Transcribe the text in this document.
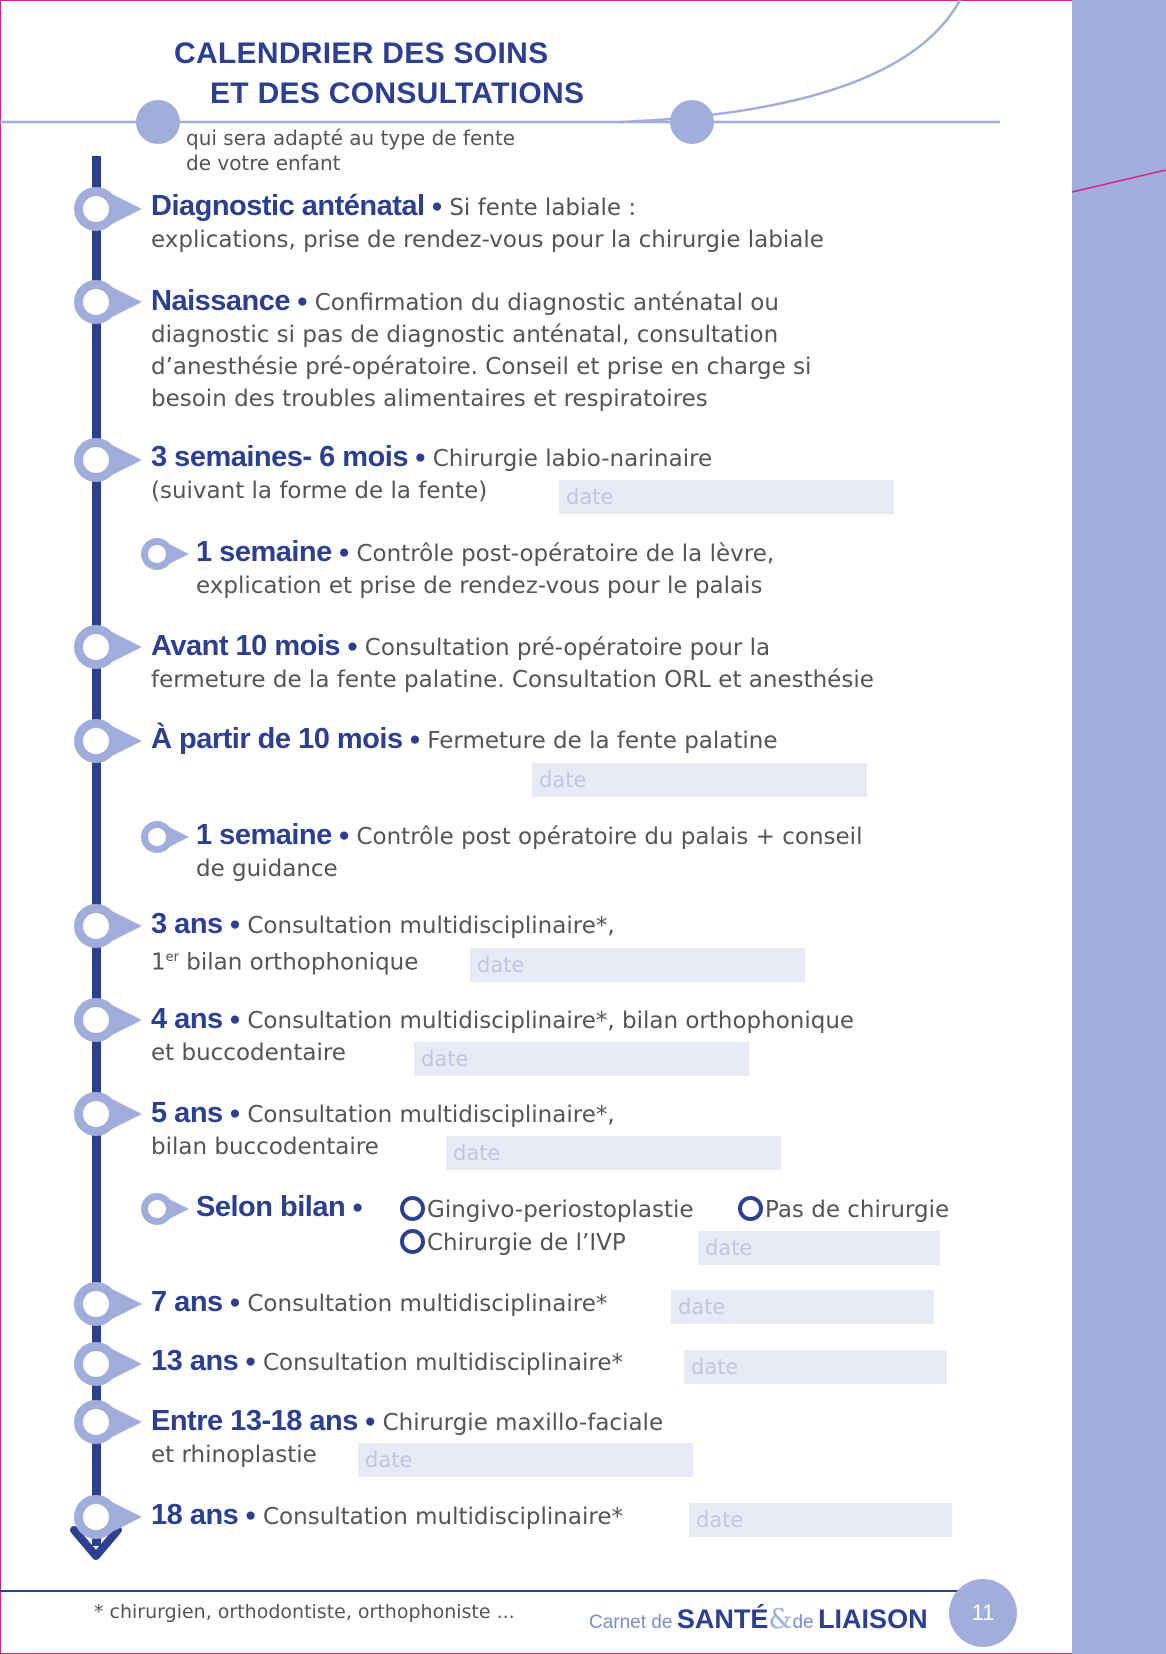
CALENDRIER DES SOINS
ET DES CONSULTATIONS
qui sera adapté au type de fente
de votre enfant
Diagnostic anténatal • Si fente labiale :
explications, prise de rendez-vous pour la chirurgie labiale
Naissance • Confirmation du diagnostic anténatal ou
diagnostic si pas de diagnostic anténatal, consultation
d’anesthésie pré-opératoire. Conseil et prise en charge si
besoin des troubles alimentaires et respiratoires
3 semaines- 6 mois • Chirurgie labio-narinaire
(suivant la forme de la fente)	date
1 semaine • Contrôle post-opératoire de la lèvre,
explication et prise de rendez-vous pour le palais
Avant 10 mois • Consultation pré-opératoire pour la
fermeture de la fente palatine. Consultation ORL et anesthésie
À partir de 10 mois • Fermeture de la fente palatine
date
1 semaine • Contrôle post opératoire du palais + conseil
de guidance
3 ans • Consultation multidisciplinaire*,
1er bilan orthophonique	date
4 ans • Consultation multidisciplinaire*, bilan orthophonique
et buccodentaire	date
5 ans • Consultation multidisciplinaire*,
bilan buccodentaire	date
Selon bilan •	Gingivo-periostoplastie	Pas de chirurgie
Chirurgie de l’IVP	date
7 ans • Consultation multidisciplinaire*	date
13 ans • Consultation multidisciplinaire*	date
Entre 13-18 ans • Chirurgie maxillo-faciale
et rhinoplastie	date
18 ans • Consultation multidisciplinaire*	date
* chirurgien, orthodontiste, orthophoniste ...	Carnet de SANTÉ&de LIAISON	11
